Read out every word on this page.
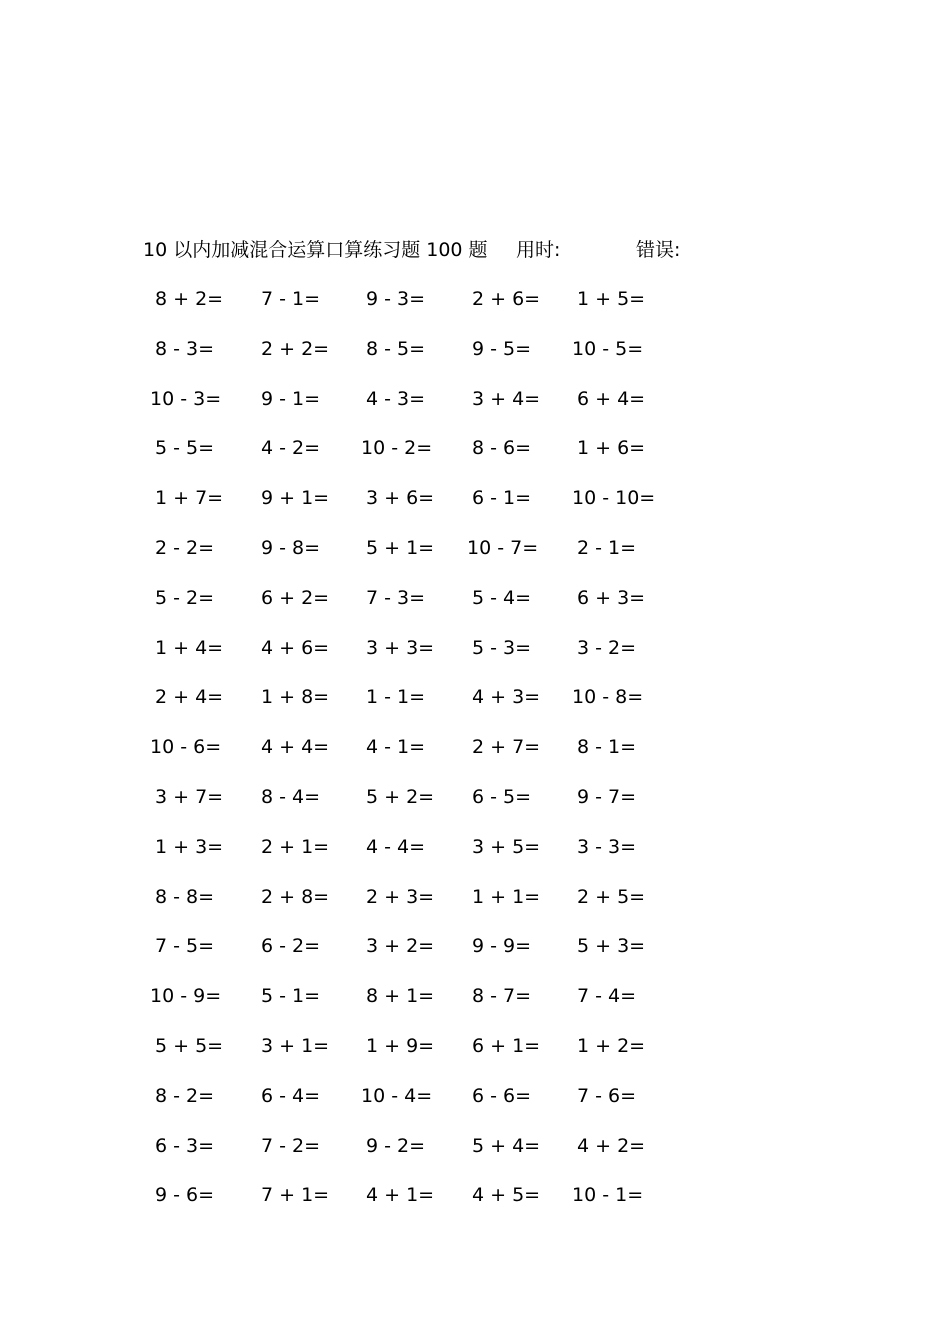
10 以内加减混合运算口算练习题 100 题 用时:	错误:
8 + 2= 7 - 1= 9 - 3= 2 + 6= 1 + 5=
8 - 3= 2 + 2= 8 - 5= 9 - 5= 10 - 5=
10 - 3= 9 - 1= 4 - 3= 3 + 4= 6 + 4=
5 - 5= 4 - 2= 10 - 2= 8 - 6= 1 + 6=
1 + 7= 9 + 1= 3 + 6= 6 - 1= 10 - 10=
2 - 2= 9 - 8= 5 + 1= 10 - 7= 2 - 1=
5 - 2= 6 + 2= 7 - 3= 5 - 4= 6 + 3=
1 + 4= 4 + 6= 3 + 3= 5 - 3= 3 - 2=
2 + 4= 1 + 8= 1 - 1= 4 + 3= 10 - 8=
10 - 6= 4 + 4= 4 - 1= 2 + 7= 8 - 1=
3 + 7= 8 - 4= 5 + 2= 6 - 5= 9 - 7=
1 + 3= 2 + 1= 4 - 4= 3 + 5= 3 - 3=
8 - 8= 2 + 8= 2 + 3= 1 + 1= 2 + 5=
7 - 5= 6 - 2= 3 + 2= 9 - 9= 5 + 3=
10 - 9= 5 - 1= 8 + 1= 8 - 7= 7 - 4=
5 + 5= 3 + 1= 1 + 9= 6 + 1= 1 + 2=
8 - 2= 6 - 4= 10 - 4= 6 - 6= 7 - 6=
6 - 3= 7 - 2= 9 - 2= 5 + 4= 4 + 2=
9 - 6= 7 + 1= 4 + 1= 4 + 5= 10 - 1=
